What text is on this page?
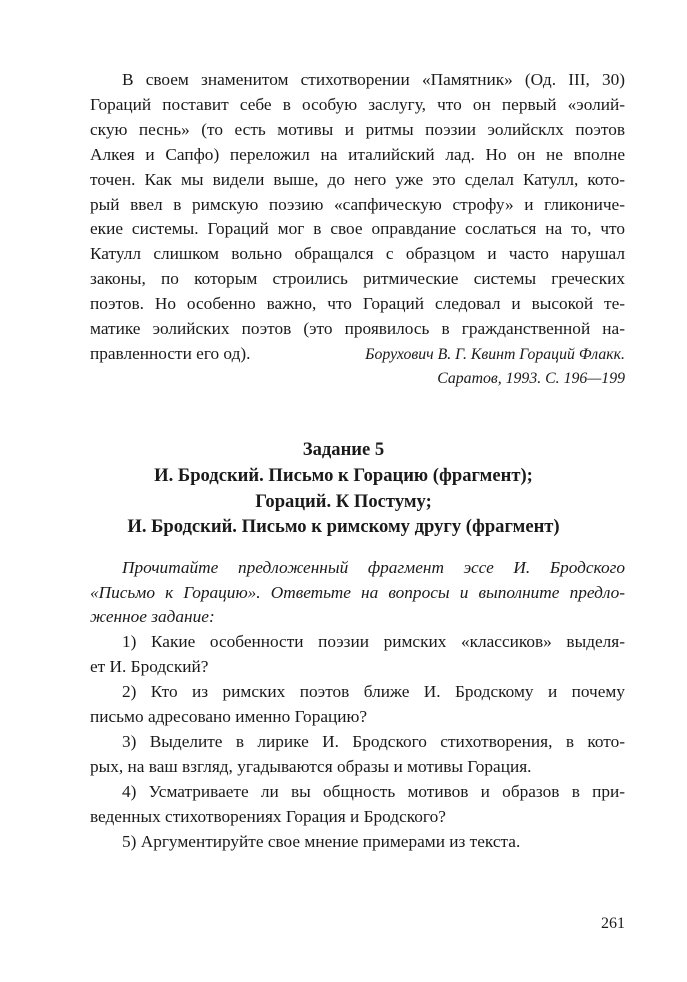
В своем знаменитом стихотворении «Памятник» (Од. III, 30)
Гораций поставит себе в особую заслугу, что он первый «эолий-
скую песнь» (то есть мотивы и ритмы поэзии эолийсклх поэтов
Алкея и Сапфо) переложил на италийский лад. Но он не вполне
точен. Как мы видели выше, до него уже это сделал Катулл, кото-
рый ввел в римскую поэзию «сапфическую строфу» и гликониче-
екие системы. Гораций мог в свое оправдание сослаться на то, что
Катулл слишком вольно обращался с образцом и часто нарушал
законы, по которым строились ритмические системы греческих
поэтов. Но особенно важно, что Гораций следовал и высокой те-
матике эолийских поэтов (это проявилось в гражданственной на-
правленности его од).	Борухович В. Г. Квинт Гораций Флакк.
Саратов, 1993. С. 196—199
Задание 5
И. Бродский. Письмо к Горацию (фрагмент);
Гораций. К Постуму;
И. Бродский. Письмо к римскому другу (фрагмент)
Прочитайте предложенный фрагмент эссе И. Бродского
«Письмо к Горацию». Ответьте на вопросы и выполните предло-
женное задание:
1) Какие особенности поэзии римских «классиков» выделя-
ет И. Бродский?
2) Кто из римских поэтов ближе И. Бродскому и почему
письмо адресовано именно Горацию?
3) Выделите в лирике И. Бродского стихотворения, в кото-
рых, на ваш взгляд, угадываются образы и мотивы Горация.
4) Усматриваете ли вы общность мотивов и образов в при-
веденных стихотворениях Горация и Бродского?
5) Аргументируйте свое мнение примерами из текста.
261
